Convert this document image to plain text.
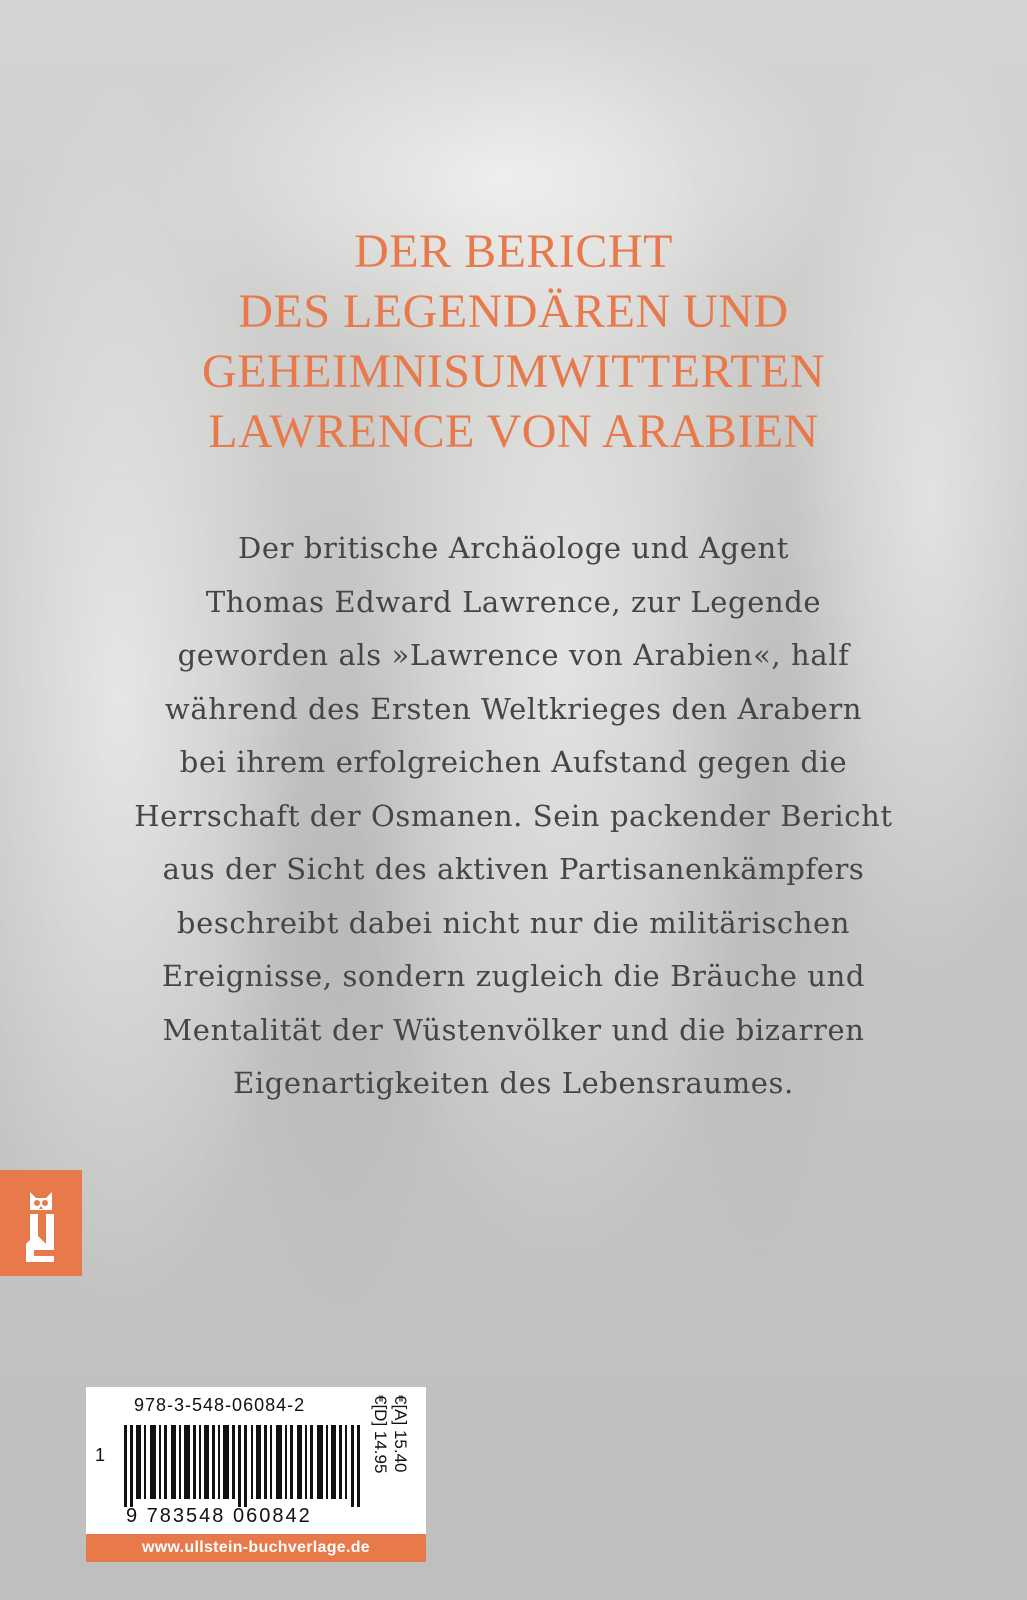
DER BERICHT
DES LEGENDÄREN UND
GEHEIMNISUMWITTERTEN
LAWRENCE VON ARABIEN

Der britische Archäologe und Agent
Thomas Edward Lawrence, zur Legende
geworden als »Lawrence von Arabien«, half
während des Ersten Weltkrieges den Arabern
bei ihrem erfolgreichen Aufstand gegen die
Herrschaft der Osmanen. Sein packender Bericht
aus der Sicht des aktiven Partisanenkämpfers
beschreibt dabei nicht nur die militärischen
Ereignisse, sondern zugleich die Bräuche und
Mentalität der Wüstenvölker und die bizarren
Eigenartigkeiten des Lebensraumes.

978-3-548-06084-2
1
9 783548 060842
€[D] 14.95 €[A] 15.40
www.ullstein-buchverlage.de
